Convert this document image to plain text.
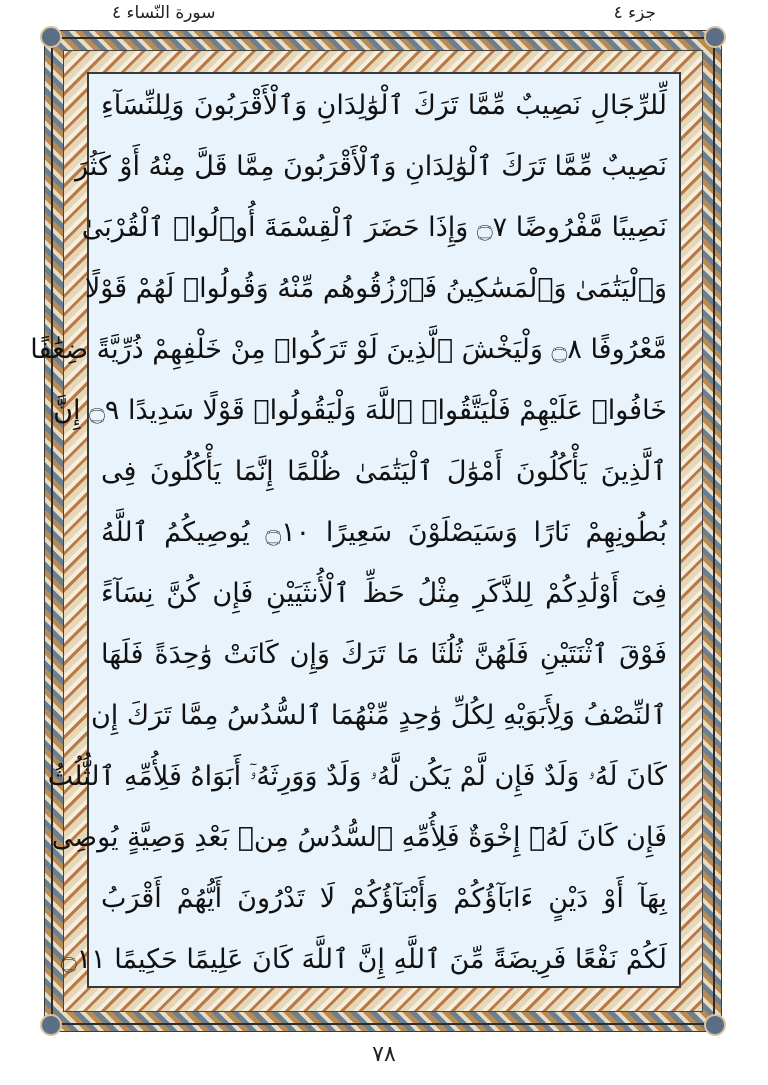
جزء ٤
سورة النّساء ٤
لِّلرِّجَالِ نَصِيبٌ مِّمَّا تَرَكَ ٱلْوَٰلِدَانِ وَٱلْأَقْرَبُونَ وَلِلنِّسَآءِ
نَصِيبٌ مِّمَّا تَرَكَ ٱلْوَٰلِدَانِ وَٱلْأَقْرَبُونَ مِمَّا قَلَّ مِنْهُ أَوْ كَثُرَ
نَصِيبًا مَّفْرُوضًا ۝٧ وَإِذَا حَضَرَ ٱلْقِسْمَةَ أُو۟لُوا۟ ٱلْقُرْبَىٰ
وَٱلْيَتَٰمَىٰ وَٱلْمَسَٰكِينُ فَٱرْزُقُوهُم مِّنْهُ وَقُولُوا۟ لَهُمْ قَوْلًا
مَّعْرُوفًا ۝٨ وَلْيَخْشَ ٱلَّذِينَ لَوْ تَرَكُوا۟ مِنْ خَلْفِهِمْ ذُرِّيَّةً ضِعَٰفًا
خَافُوا۟ عَلَيْهِمْ فَلْيَتَّقُوا۟ ٱللَّهَ وَلْيَقُولُوا۟ قَوْلًا سَدِيدًا ۝٩ إِنَّ
ٱلَّذِينَ يَأْكُلُونَ أَمْوَٰلَ ٱلْيَتَٰمَىٰ ظُلْمًا إِنَّمَا يَأْكُلُونَ فِى
بُطُونِهِمْ نَارًا وَسَيَصْلَوْنَ سَعِيرًا ۝١٠ يُوصِيكُمُ ٱللَّهُ
فِىٓ أَوْلَٰدِكُمْ لِلذَّكَرِ مِثْلُ حَظِّ ٱلْأُنثَيَيْنِ فَإِن كُنَّ نِسَآءً
فَوْقَ ٱثْنَتَيْنِ فَلَهُنَّ ثُلُثَا مَا تَرَكَ وَإِن كَانَتْ وَٰحِدَةً فَلَهَا
ٱلنِّصْفُ وَلِأَبَوَيْهِ لِكُلِّ وَٰحِدٍ مِّنْهُمَا ٱلسُّدُسُ مِمَّا تَرَكَ إِن
كَانَ لَهُۥ وَلَدٌ فَإِن لَّمْ يَكُن لَّهُۥ وَلَدٌ وَوَرِثَهُۥٓ أَبَوَاهُ فَلِأُمِّهِ ٱلثُّلُثُ
فَإِن كَانَ لَهُۥٓ إِخْوَةٌ فَلِأُمِّهِ ٱلسُّدُسُ مِنۢ بَعْدِ وَصِيَّةٍ يُوصِى
بِهَآ أَوْ دَيْنٍ ءَابَآؤُكُمْ وَأَبْنَآؤُكُمْ لَا تَدْرُونَ أَيُّهُمْ أَقْرَبُ
لَكُمْ نَفْعًا فَرِيضَةً مِّنَ ٱللَّهِ إِنَّ ٱللَّهَ كَانَ عَلِيمًا حَكِيمًا ۝١١
٧٨
